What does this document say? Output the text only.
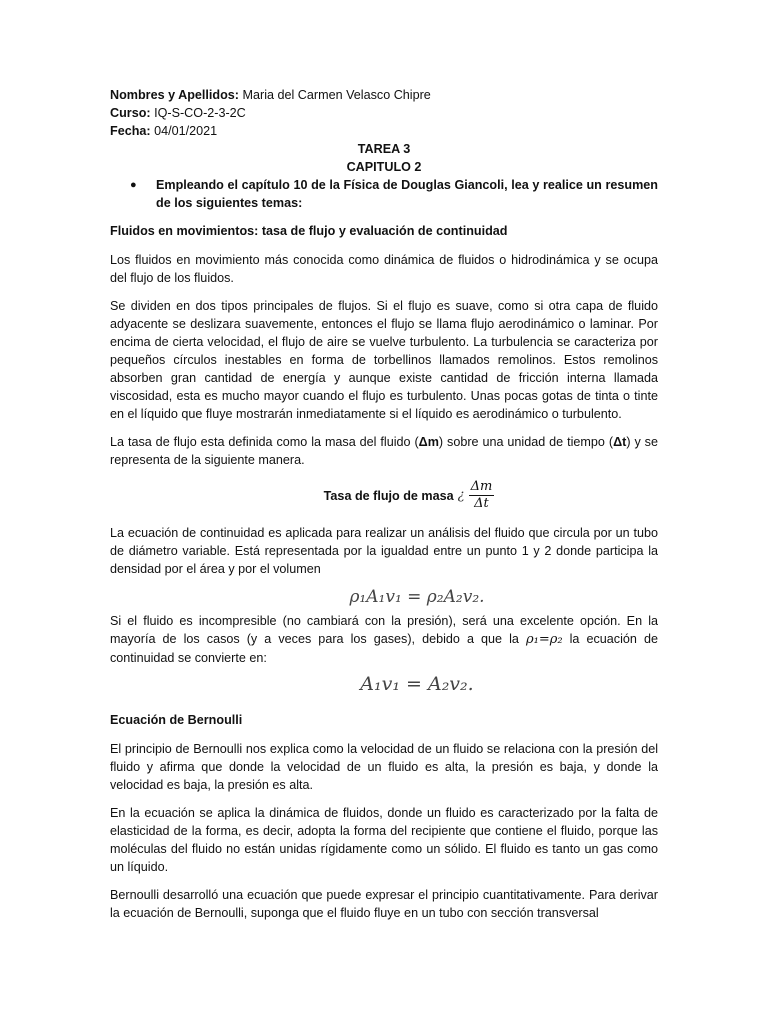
Nombres y Apellidos: Maria del Carmen Velasco Chipre

Curso: IQ-S-CO-2-3-2C

Fecha: 04/01/2021

TAREA 3

CAPITULO 2

●	Empleando el capítulo 10 de la Física de Douglas Giancoli, lea y realice un resumen de los siguientes temas:

Fluidos en movimientos: tasa de flujo y evaluación de continuidad

Los fluidos en movimiento más conocida como dinámica de fluidos o hidrodinámica y se ocupa del flujo de los fluidos.

Se dividen en dos tipos principales de flujos. Si el flujo es suave, como si otra capa de fluido adyacente se deslizara suavemente, entonces el flujo se llama flujo aerodinámico o laminar. Por encima de cierta velocidad, el flujo de aire se vuelve turbulento. La turbulencia se caracteriza por pequeños círculos inestables en forma de torbellinos llamados remolinos. Estos remolinos absorben gran cantidad de energía y aunque existe cantidad de fricción interna llamada viscosidad, esta es mucho mayor cuando el flujo es turbulento. Unas pocas gotas de tinta o tinte en el líquido que fluye mostrarán inmediatamente si el líquido es aerodinámico o turbulento.

La tasa de flujo esta definida como la masa del fluido (Δm) sobre una unidad de tiempo (Δt) y se representa de la siguiente manera.

Tasa de flujo de masa ¿ $\frac{\Delta m}{\Delta t}$

La ecuación de continuidad es aplicada para realizar un análisis del fluido que circula por un tubo de diámetro variable. Está representada por la igualdad entre un punto 1 y 2 donde participa la densidad por el área y por el volumen

ρ₁A₁v₁ = ρ₂A₂v₂.

Si el fluido es incompresible (no cambiará con la presión), será una excelente opción. En la mayoría de los casos (y a veces para los gases), debido a que la ρ₁=ρ₂ la ecuación de continuidad se convierte en:

A₁v₁ = A₂v₂.

Ecuación de Bernoulli

El principio de Bernoulli nos explica como la velocidad de un fluido se relaciona con la presión del fluido y afirma que donde la velocidad de un fluido es alta, la presión es baja, y donde la velocidad es baja, la presión es alta.

En la ecuación se aplica la dinámica de fluidos, donde un fluido es caracterizado por la falta de elasticidad de la forma, es decir, adopta la forma del recipiente que contiene el fluido, porque las moléculas del fluido no están unidas rígidamente como un sólido. El fluido es tanto un gas como un líquido.

Bernoulli desarrolló una ecuación que puede expresar el principio cuantitativamente. Para derivar la ecuación de Bernoulli, suponga que el fluido fluye en un tubo con sección transversal
